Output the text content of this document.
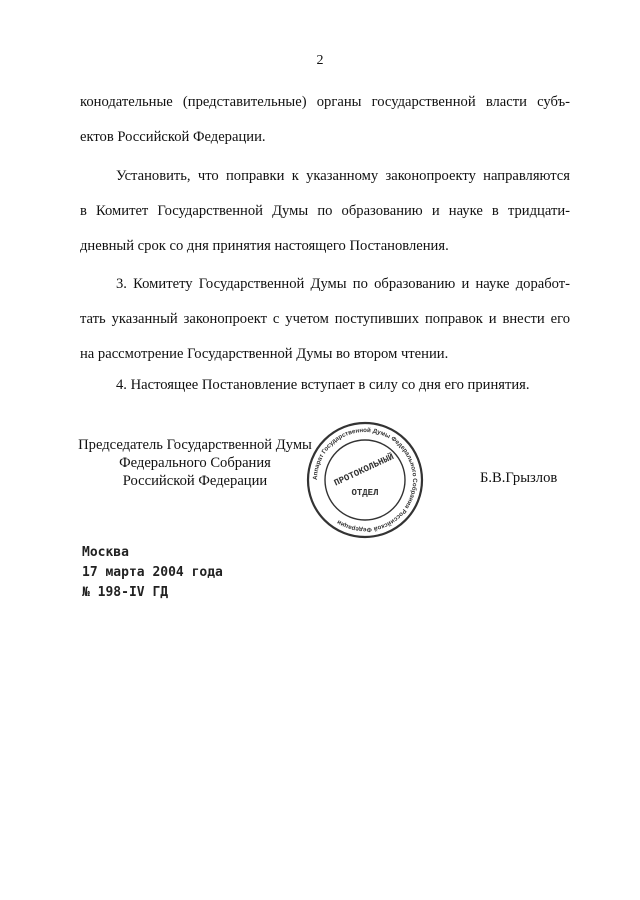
2
конодательные (представительные) органы государственной власти субъ-
ектов Российской Федерации.
Установить, что поправки к указанному законопроекту направляются
в Комитет Государственной Думы по образованию и науке в тридцати-
дневный срок со дня принятия настоящего Постановления.
3. Комитету Государственной Думы по образованию и науке доработ-
тать указанный законопроект с учетом поступивших поправок и внести его
на рассмотрение Государственной Думы во втором чтении.
4. Настоящее Постановление вступает в силу со дня его принятия.
Председатель Государственной Думы
Федерального Собрания
Российской Федерации	Аппарат Государственной Думы Федерального Собрания Российской Федерации
ПРОТОКОЛЬНЫЙ
ОТДЕЛ
Б.В.Грызлов
Москва
17 марта 2004 года
№ 198-IV ГД
